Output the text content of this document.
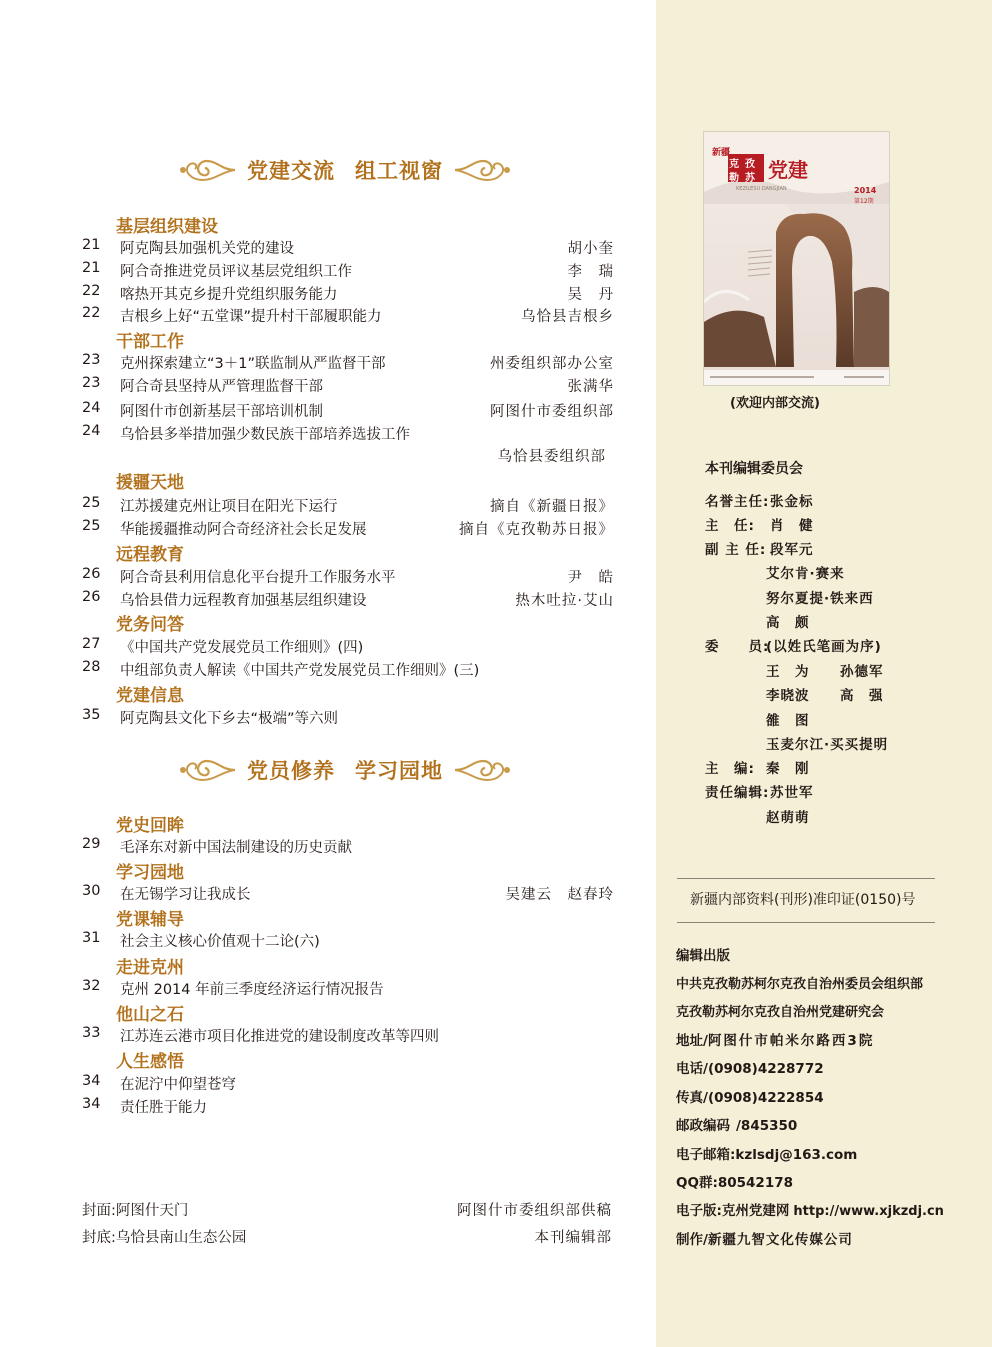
党建交流 组工视窗
基层组织建设
21 阿克陶县加强机关党的建设	胡小奎
21 阿合奇推进党员评议基层党组织工作	李　瑞
22 喀热开其克乡提升党组织服务能力	吴　丹
22 吉根乡上好“五堂课”提升村干部履职能力	乌恰县吉根乡
干部工作
23 克州探索建立“3＋1”联监制从严监督干部	州委组织部办公室
23 阿合奇县坚持从严管理监督干部	张满华
24 阿图什市创新基层干部培训机制	阿图什市委组织部
24 乌恰县多举措加强少数民族干部培养选拔工作
乌恰县委组织部
援疆天地
25 江苏援建克州让项目在阳光下运行	摘自《新疆日报》
25 华能援疆推动阿合奇经济社会长足发展	摘自《克孜勒苏日报》
远程教育
26 阿合奇县利用信息化平台提升工作服务水平	尹　皓
26 乌恰县借力远程教育加强基层组织建设	热木吐拉·艾山
党务问答
27 《中国共产党发展党员工作细则》(四)
28 中组部负责人解读《中国共产党发展党员工作细则》(三)
党建信息
35 阿克陶县文化下乡去“极端”等六则
党员修养 学习园地
党史回眸
29 毛泽东对新中国法制建设的历史贡献
学习园地
30 在无锡学习让我成长	吴建云　赵春玲
党课辅导
31 社会主义核心价值观十二论(六)
走进克州
32 克州 2014 年前三季度经济运行情况报告
他山之石
33 江苏连云港市项目化推进党的建设制度改革等四则
人生感悟
34 在泥泞中仰望苍穹
34 责任胜于能力
封面:阿图什天门	阿图什市委组织部供稿
封底:乌恰县南山生态公园	本刊编辑部
新疆
克孜
勒苏 党建
KEZILESU DANGJIAN	2014
第12期
(欢迎内部交流)
本刊编辑委员会
名誉主任: 张金标
主　任: 肖　健
副 主 任: 段军元
艾尔肯·赛来
努尔夏提·铁来西
高　颇
委　　员:
(以姓氏笔画为序)
王　为 孙德军
李晓波 高　强
雒　图
玉麦尔江·买买提明
主　编: 秦　刚
责任编辑: 苏世军
赵萌萌
新疆内部资料(刊形)准印证(0150)号
编辑出版
中共克孜勒苏柯尔克孜自治州委员会组织部
克孜勒苏柯尔克孜自治州党建研究会
地址/阿图什市帕米尔路西3院
电话/(0908)4228772
传真/(0908)4222854
邮政编码 /845350
电子邮箱:kzlsdj@163.com
QQ群:80542178
电子版:克州党建网 http://www.xjkzdj.cn
制作/新疆九智文化传媒公司
